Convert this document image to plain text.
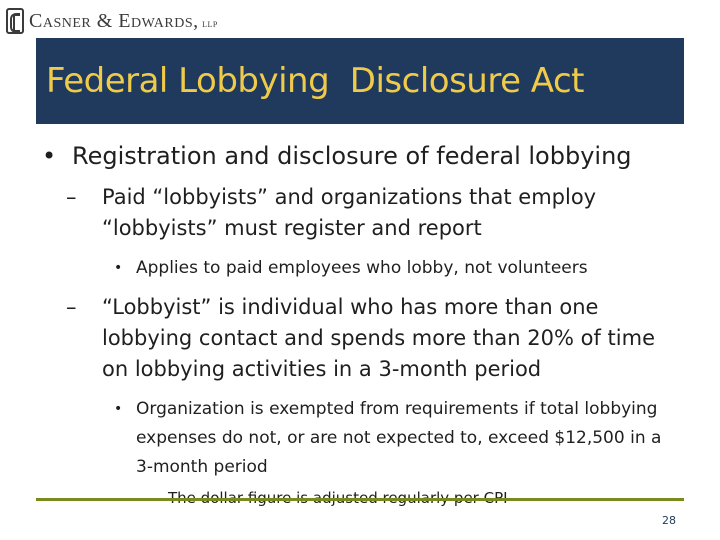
Casner & Edwards, llp
Federal Lobbying  Disclosure Act
• Registration and disclosure of federal lobbying
–	Paid “lobbyists” and organizations that employ “lobbyists” must register and report
• Applies to paid employees who lobby, not volunteers
–	“Lobbyist” is individual who has more than one lobbying contact and spends more than 20% of time on lobbying activities in a 3-month period
• Organization is exempted from requirements if total lobbying expenses do not, or are not expected to, exceed $12,500 in a 3-month period
28
